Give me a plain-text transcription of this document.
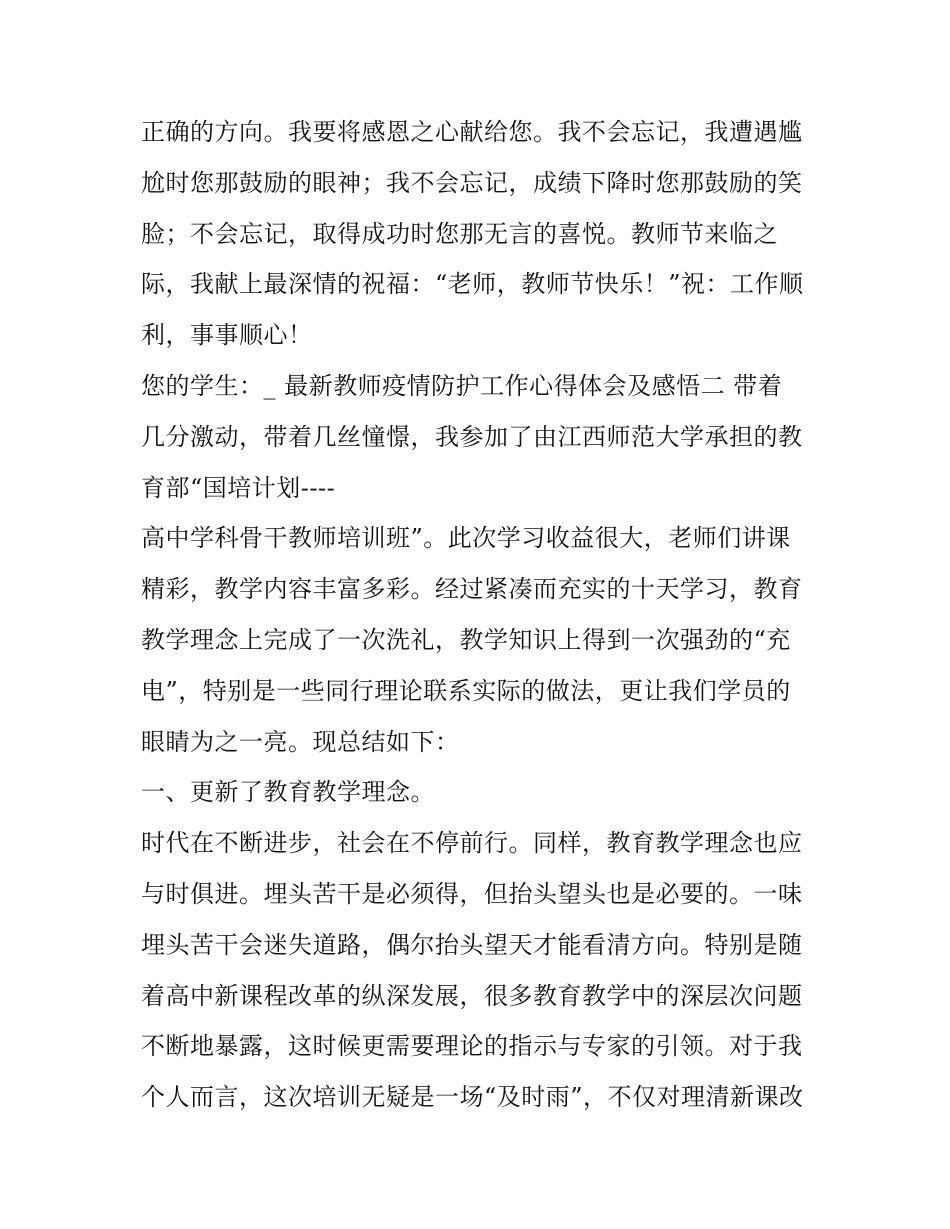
正确的方向。我要将感恩之心献给您。我不会忘记，我遭遇尴
尬时您那鼓励的眼神；我不会忘记，成绩下降时您那鼓励的笑
脸；不会忘记，取得成功时您那无言的喜悦。教师节来临之
际，我献上最深情的祝福：“老师，教师节快乐！”祝：工作顺
利，事事顺心！
您的学生：_ 最新教师疫情防护工作心得体会及感悟二 带着
几分激动，带着几丝憧憬，我参加了由江西师范大学承担的教
育部“国培计划----
高中学科骨干教师培训班”。此次学习收益很大，老师们讲课
精彩，教学内容丰富多彩。经过紧凑而充实的十天学习，教育
教学理念上完成了一次洗礼，教学知识上得到一次强劲的“充
电”，特别是一些同行理论联系实际的做法，更让我们学员的
眼睛为之一亮。现总结如下：
一、更新了教育教学理念。
时代在不断进步，社会在不停前行。同样，教育教学理念也应
与时俱进。埋头苦干是必须得，但抬头望头也是必要的。一味
埋头苦干会迷失道路，偶尔抬头望天才能看清方向。特别是随
着高中新课程改革的纵深发展，很多教育教学中的深层次问题
不断地暴露，这时候更需要理论的指示与专家的引领。对于我
个人而言，这次培训无疑是一场“及时雨”，不仅对理清新课改
